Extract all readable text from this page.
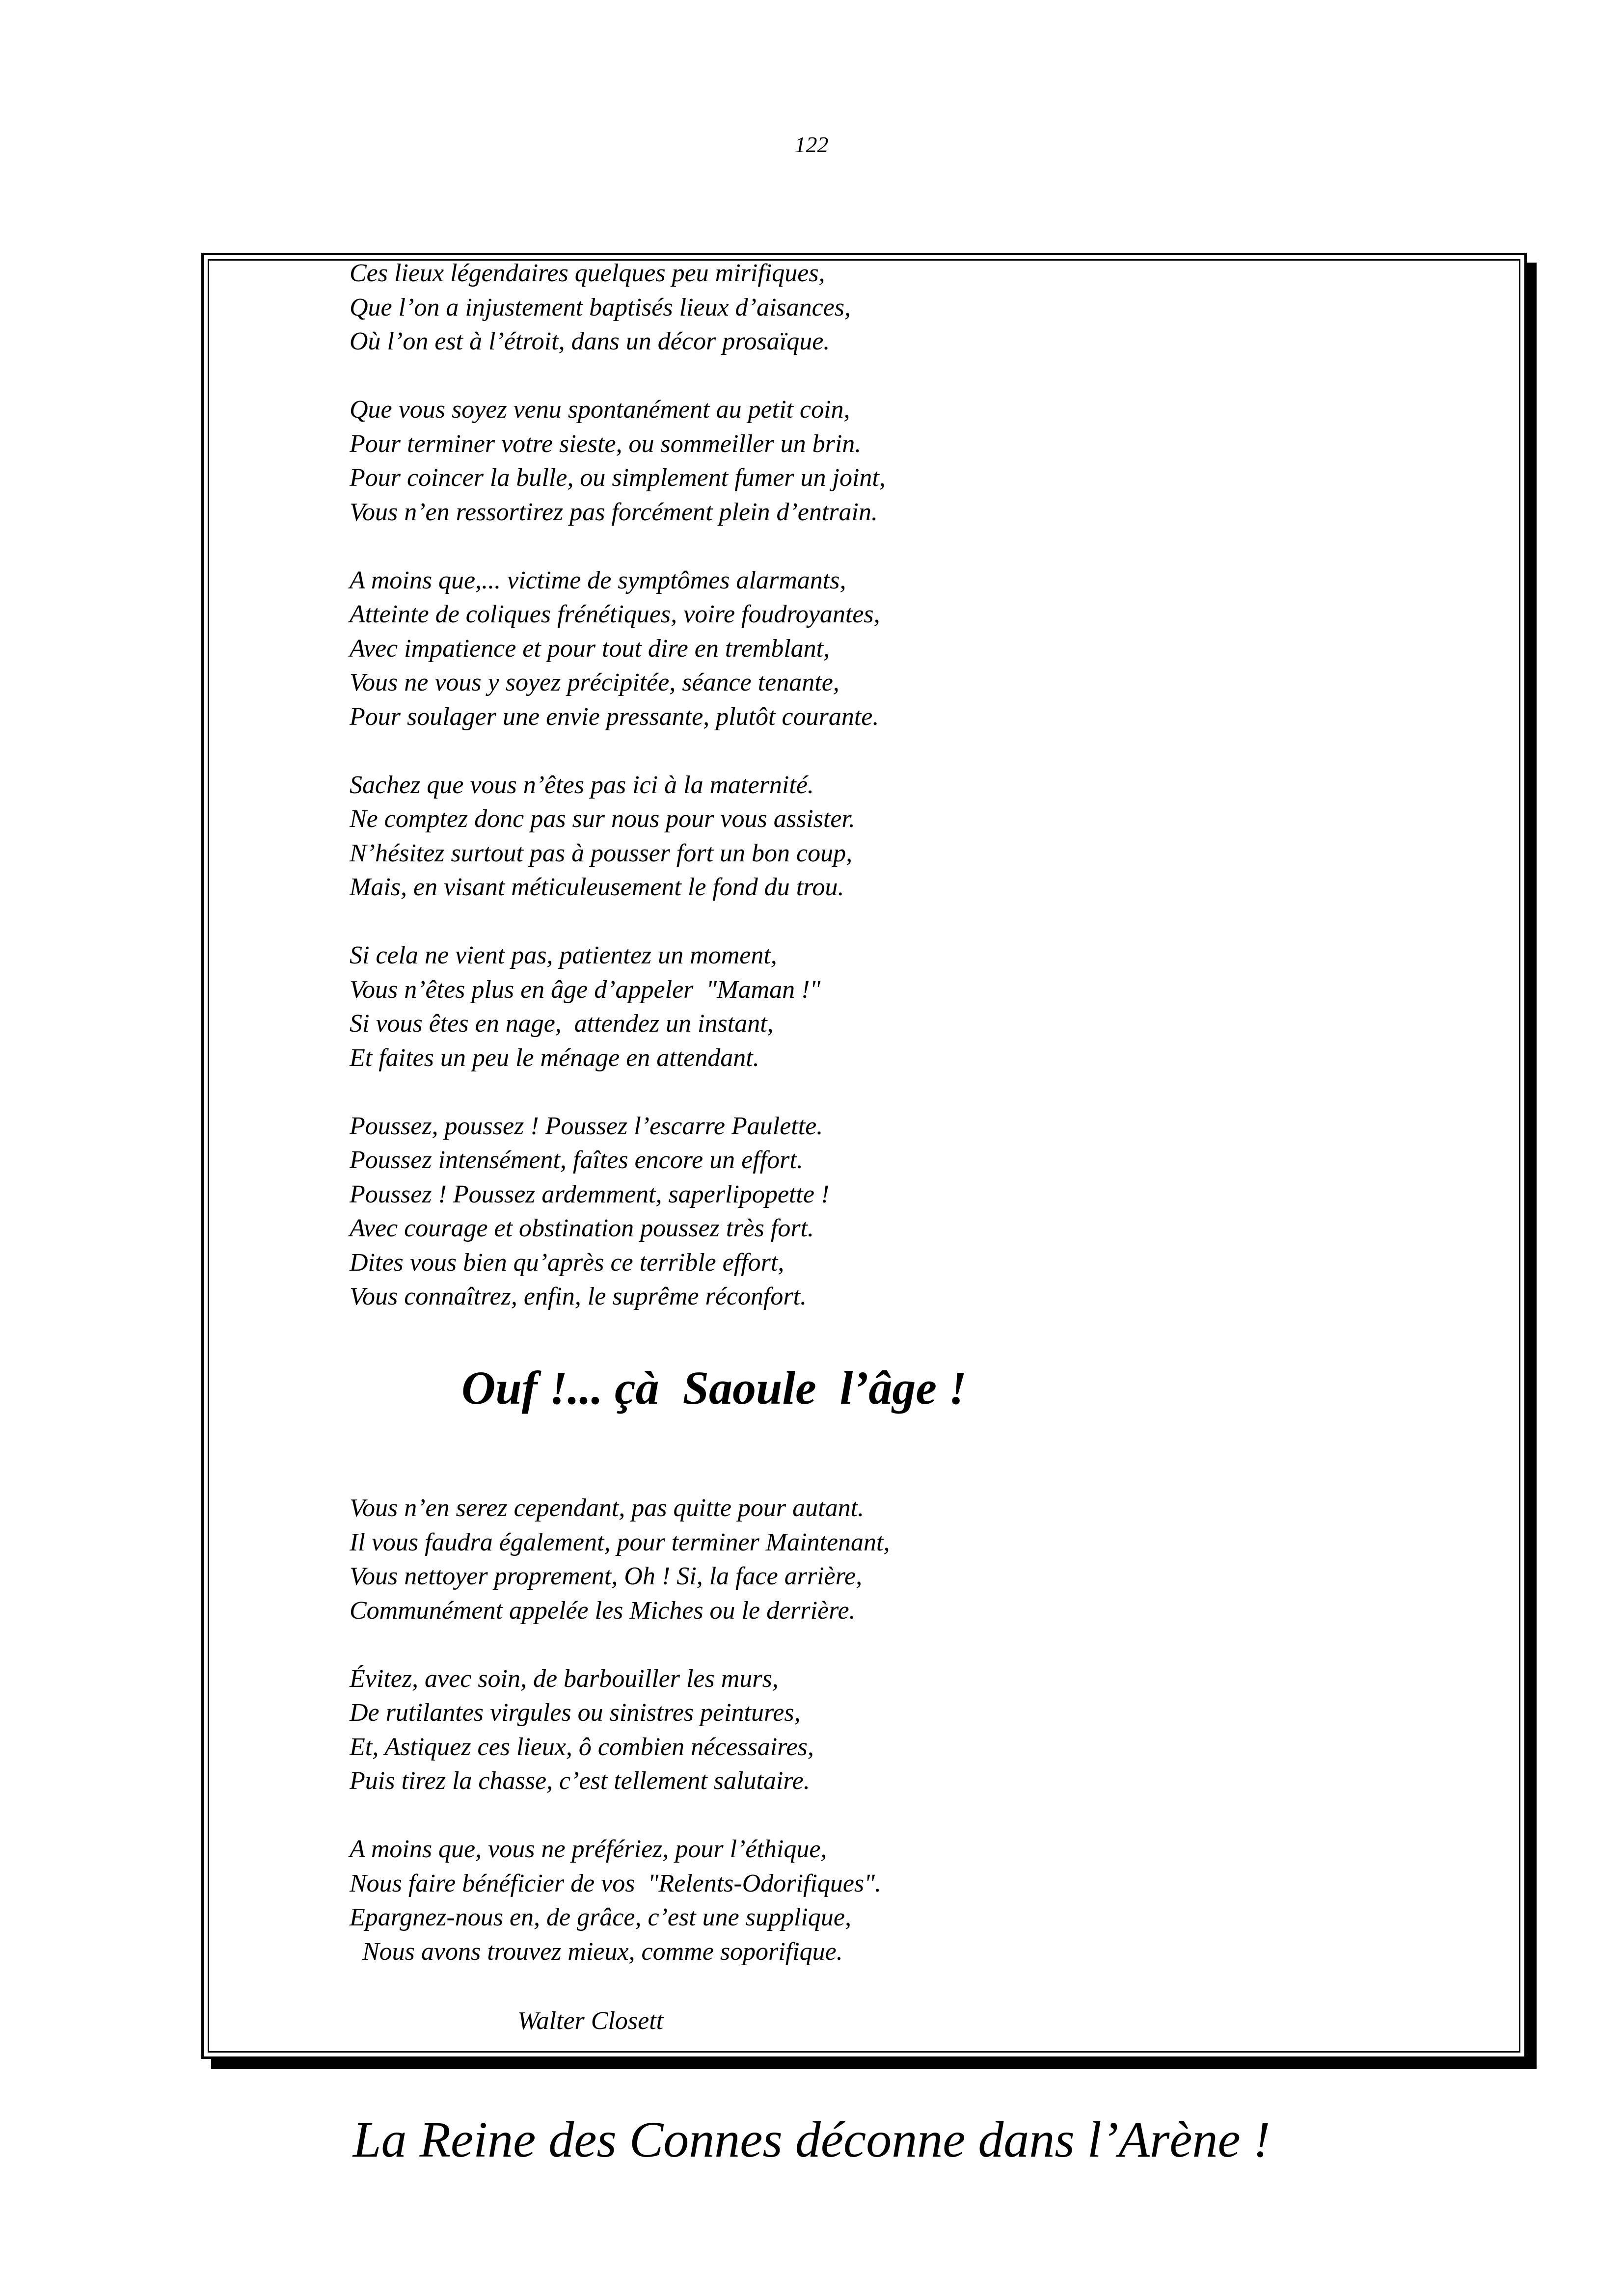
122
Ces lieux légendaires quelques peu mirifiques,
Que l’on a injustement baptisés lieux d’aisances,
Où l’on est à l’étroit, dans un décor prosaïque.
Que vous soyez venu spontanément au petit coin,
Pour terminer votre sieste, ou sommeiller un brin.
Pour coincer la bulle, ou simplement fumer un joint,
Vous n’en ressortirez pas forcément plein d’entrain.
A moins que,... victime de symptômes alarmants,
Atteinte de coliques frénétiques, voire foudroyantes,
Avec impatience et pour tout dire en tremblant,
Vous ne vous y soyez précipitée, séance tenante,
Pour soulager une envie pressante, plutôt courante.
Sachez que vous n’êtes pas ici à la maternité.
Ne comptez donc pas sur nous pour vous assister.
N’hésitez surtout pas à pousser fort un bon coup,
Mais, en visant méticuleusement le fond du trou.
Si cela ne vient pas, patientez un moment,
Vous n’êtes plus en âge d’appeler  "Maman !"
Si vous êtes en nage,  attendez un instant,
Et faites un peu le ménage en attendant.
Poussez, poussez ! Poussez l’escarre Paulette.
Poussez intensément, faîtes encore un effort.
Poussez ! Poussez ardemment, saperlipopette !
Avec courage et obstination poussez très fort.
Dites vous bien qu’après ce terrible effort,
Vous connaîtrez, enfin, le suprême réconfort.
Ouf !... çà  Saoule  l’âge !
Vous n’en serez cependant, pas quitte pour autant.
Il vous faudra également, pour terminer Maintenant,
Vous nettoyer proprement, Oh ! Si, la face arrière,
Communément appelée les Miches ou le derrière.
Évitez, avec soin, de barbouiller les murs,
De rutilantes virgules ou sinistres peintures,
Et, Astiquez ces lieux, ô combien nécessaires,
Puis tirez la chasse, c’est tellement salutaire.
A moins que, vous ne préfériez, pour l’éthique,
Nous faire bénéficier de vos  "Relents-Odorifiques".
Epargnez-nous en, de grâce, c’est une supplique,
Nous avons trouvez mieux, comme soporifique.
Walter Closett
La Reine des Connes déconne dans l’Arène !
